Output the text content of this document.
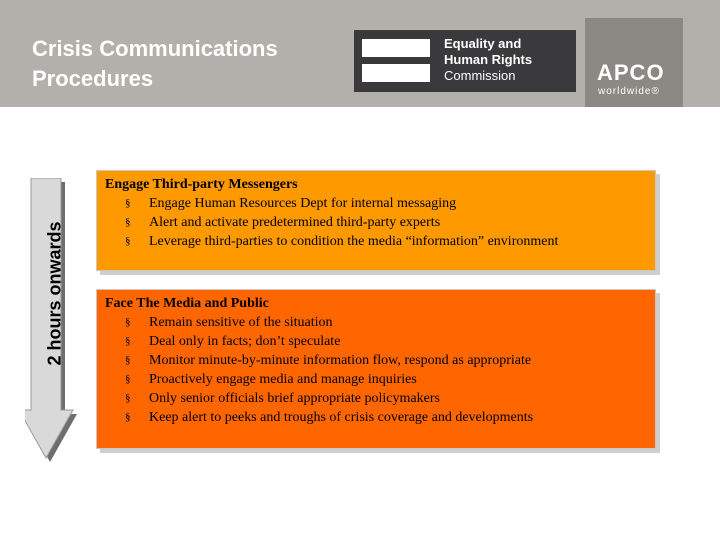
Crisis Communications
Procedures
Equality and
Human Rights
Commission	APCO
worldwide®
2 hours onwards
Engage Third-party Messengers
§ Engage Human Resources Dept for internal messaging
§ Alert and activate predetermined third-party experts
§ Leverage third-parties to condition the media “information” environment
Face The Media and Public
§ Remain sensitive of the situation
§ Deal only in facts; don’t speculate
§ Monitor minute-by-minute information flow, respond as appropriate
§ Proactively engage media and manage inquiries
§ Only senior officials brief appropriate policymakers
§ Keep alert to peeks and troughs of crisis coverage and developments
